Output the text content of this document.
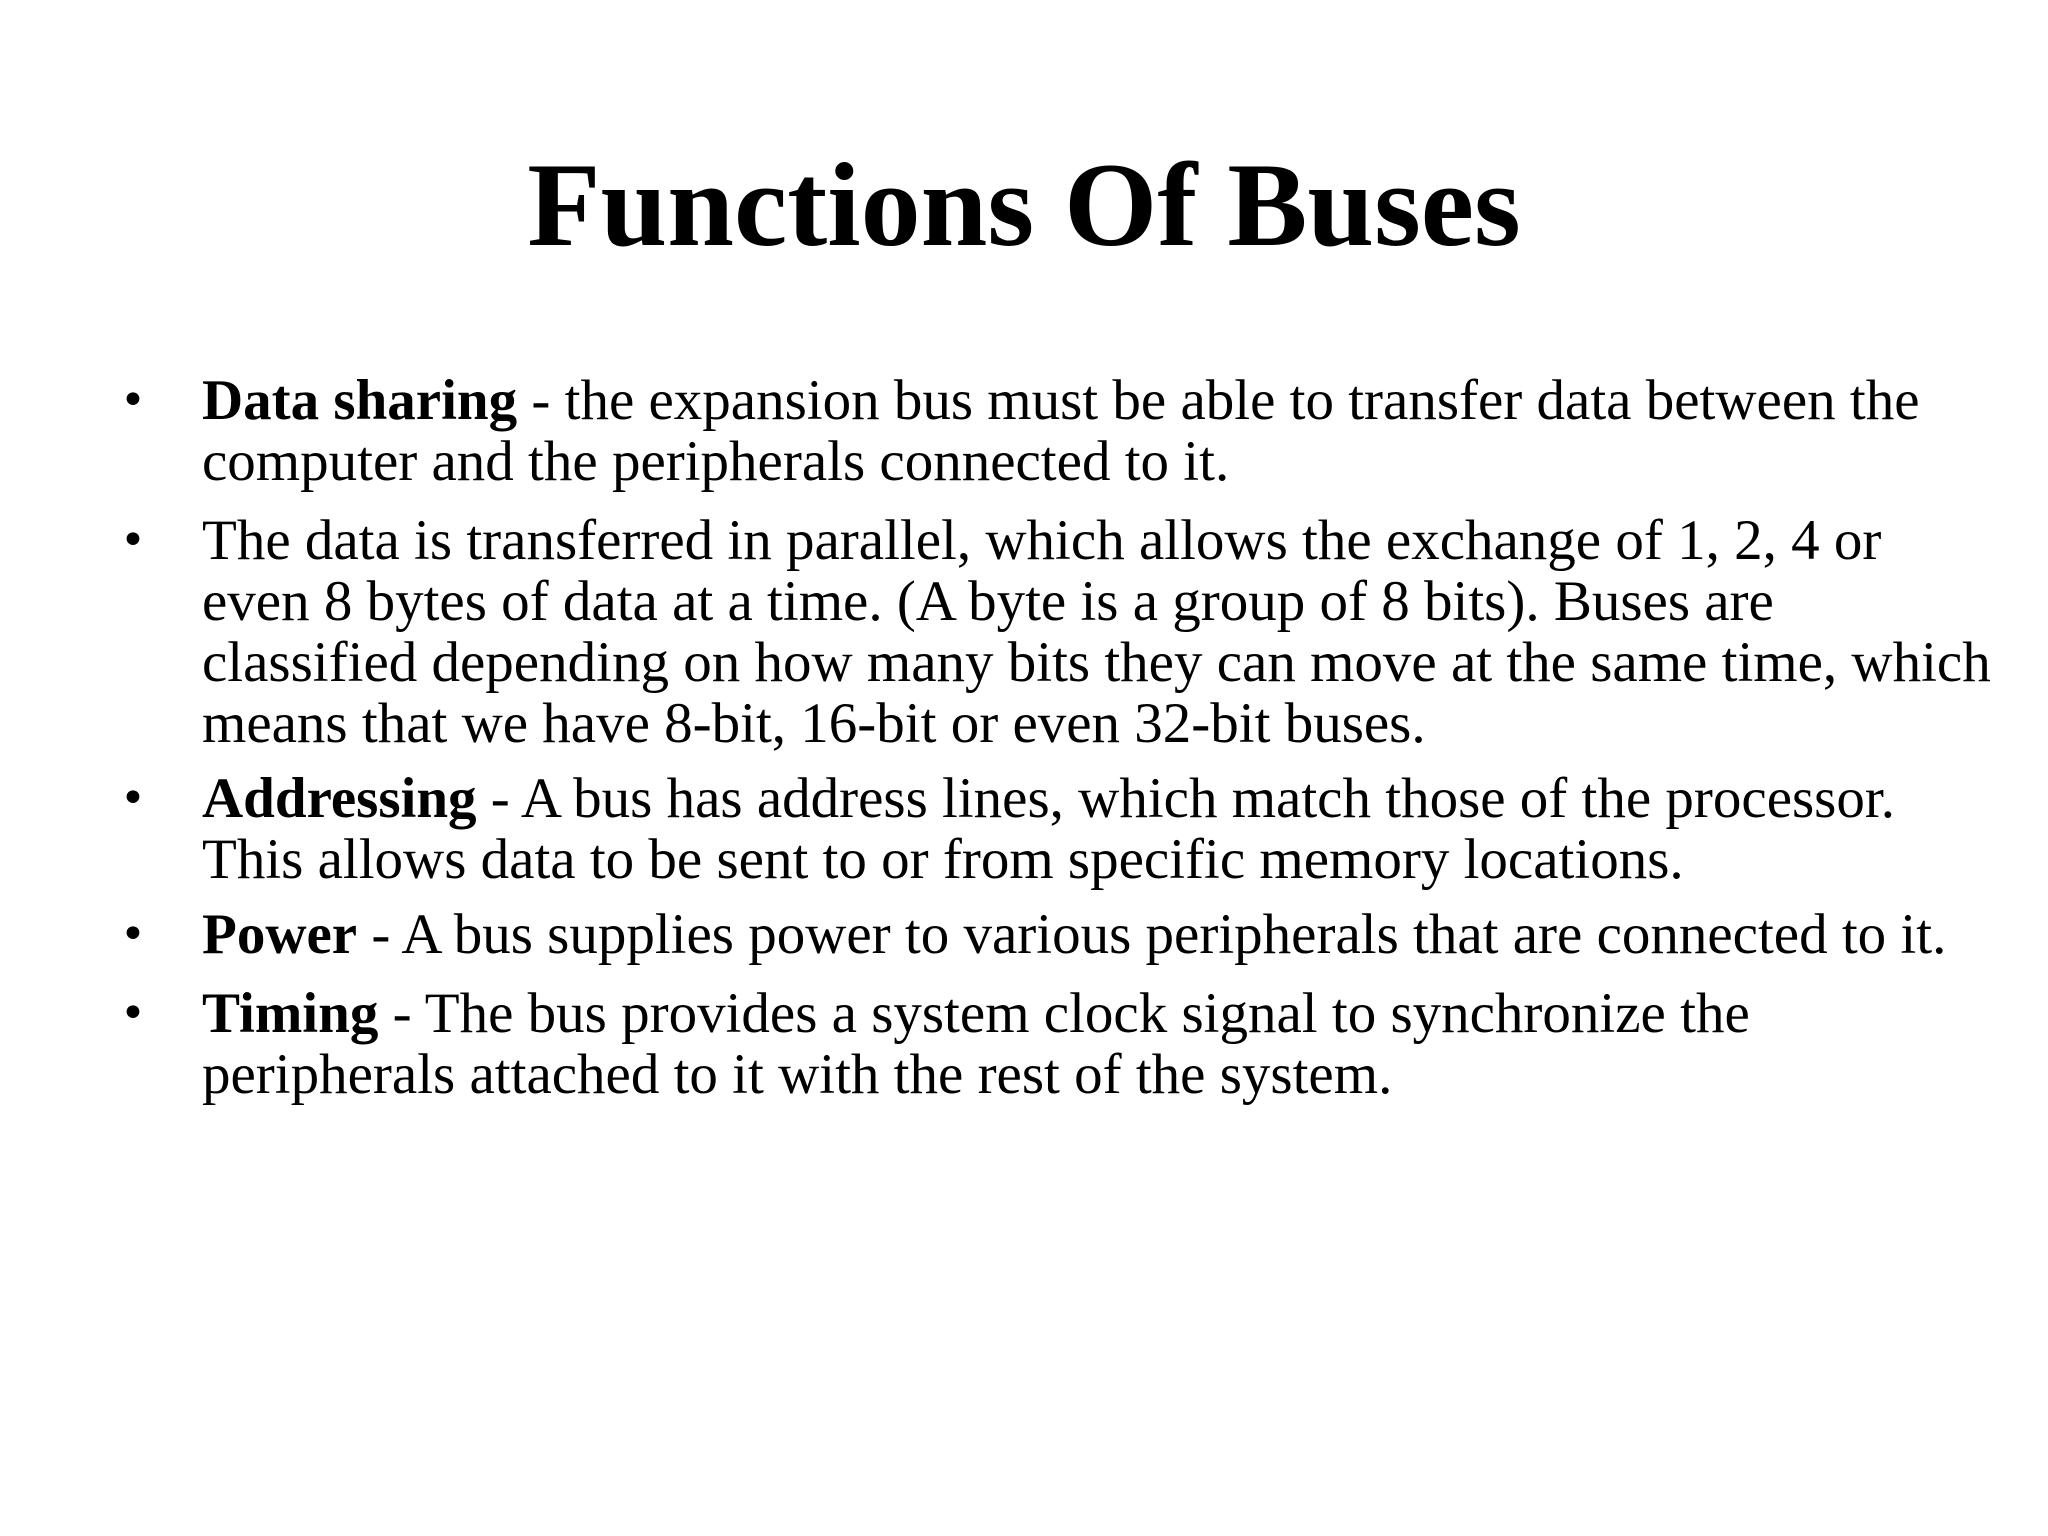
Functions Of Buses
• Data sharing - the expansion bus must be able to transfer data between the computer and the peripherals connected to it.
• The data is transferred in parallel, which allows the exchange of 1, 2, 4 or even 8 bytes of data at a time. (A byte is a group of 8 bits). Buses are classified depending on how many bits they can move at the same time, which means that we have 8-bit, 16-bit or even 32-bit buses.
• Addressing - A bus has address lines, which match those of the processor. This allows data to be sent to or from specific memory locations.
• Power - A bus supplies power to various peripherals that are connected to it.
• Timing - The bus provides a system clock signal to synchronize the peripherals attached to it with the rest of the system.
